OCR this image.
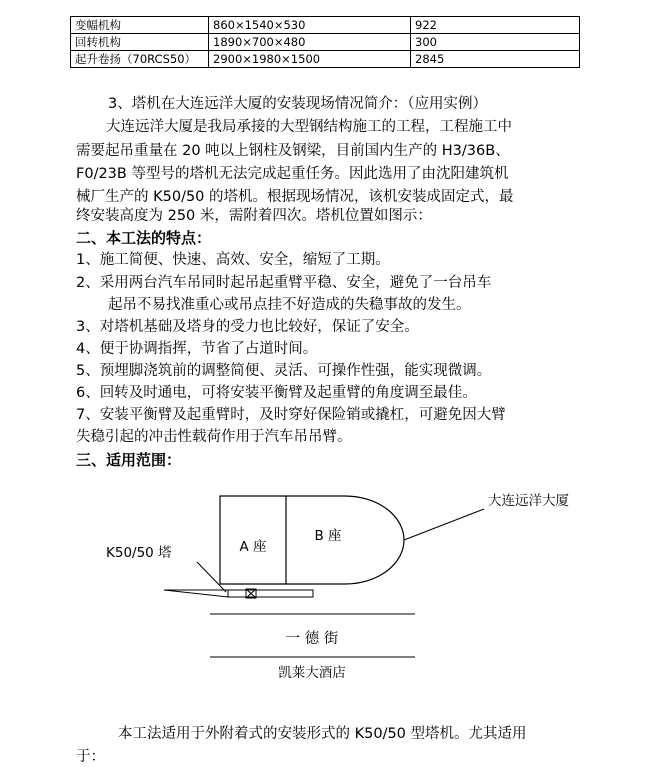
变幅机构	860×1540×530	922
回转机构	1890×700×480	300
起升卷扬（70RCS50）	2900×1980×1500	2845
3、塔机在大连远洋大厦的安装现场情况简介：（应用实例）
大连远洋大厦是我局承接的大型钢结构施工的工程，工程施工中
需要起吊重量在 20 吨以上钢柱及钢梁，目前国内生产的 H3/36B、
F0/23B 等型号的塔机无法完成起重任务。因此选用了由沈阳建筑机
械厂生产的 K50/50 的塔机。根据现场情况，该机安装成固定式，最
终安装高度为 250 米，需附着四次。塔机位置如图示：
二、本工法的特点：
1、施工简便、快速、高效、安全，缩短了工期。
2、采用两台汽车吊同时起吊起重臂平稳、安全，避免了一台吊车
起吊不易找准重心或吊点挂不好造成的失稳事故的发生。
3、对塔机基础及塔身的受力也比较好，保证了安全。
4、便于协调指挥，节省了占道时间。
5、预埋脚浇筑前的调整简便、灵活、可操作性强，能实现微调。
6、回转及时通电，可将安装平衡臂及起重臂的角度调至最佳。
7、安装平衡臂及起重臂时，及时穿好保险销或撬杠，可避免因大臂
失稳引起的冲击性载荷作用于汽车吊吊臂。
三、适用范围：
A 座
B 座
大连远洋大厦
K50/50 塔
一 德 街
凯莱大酒店
本工法适用于外附着式的安装形式的 K50/50 型塔机。尤其适用
于：
